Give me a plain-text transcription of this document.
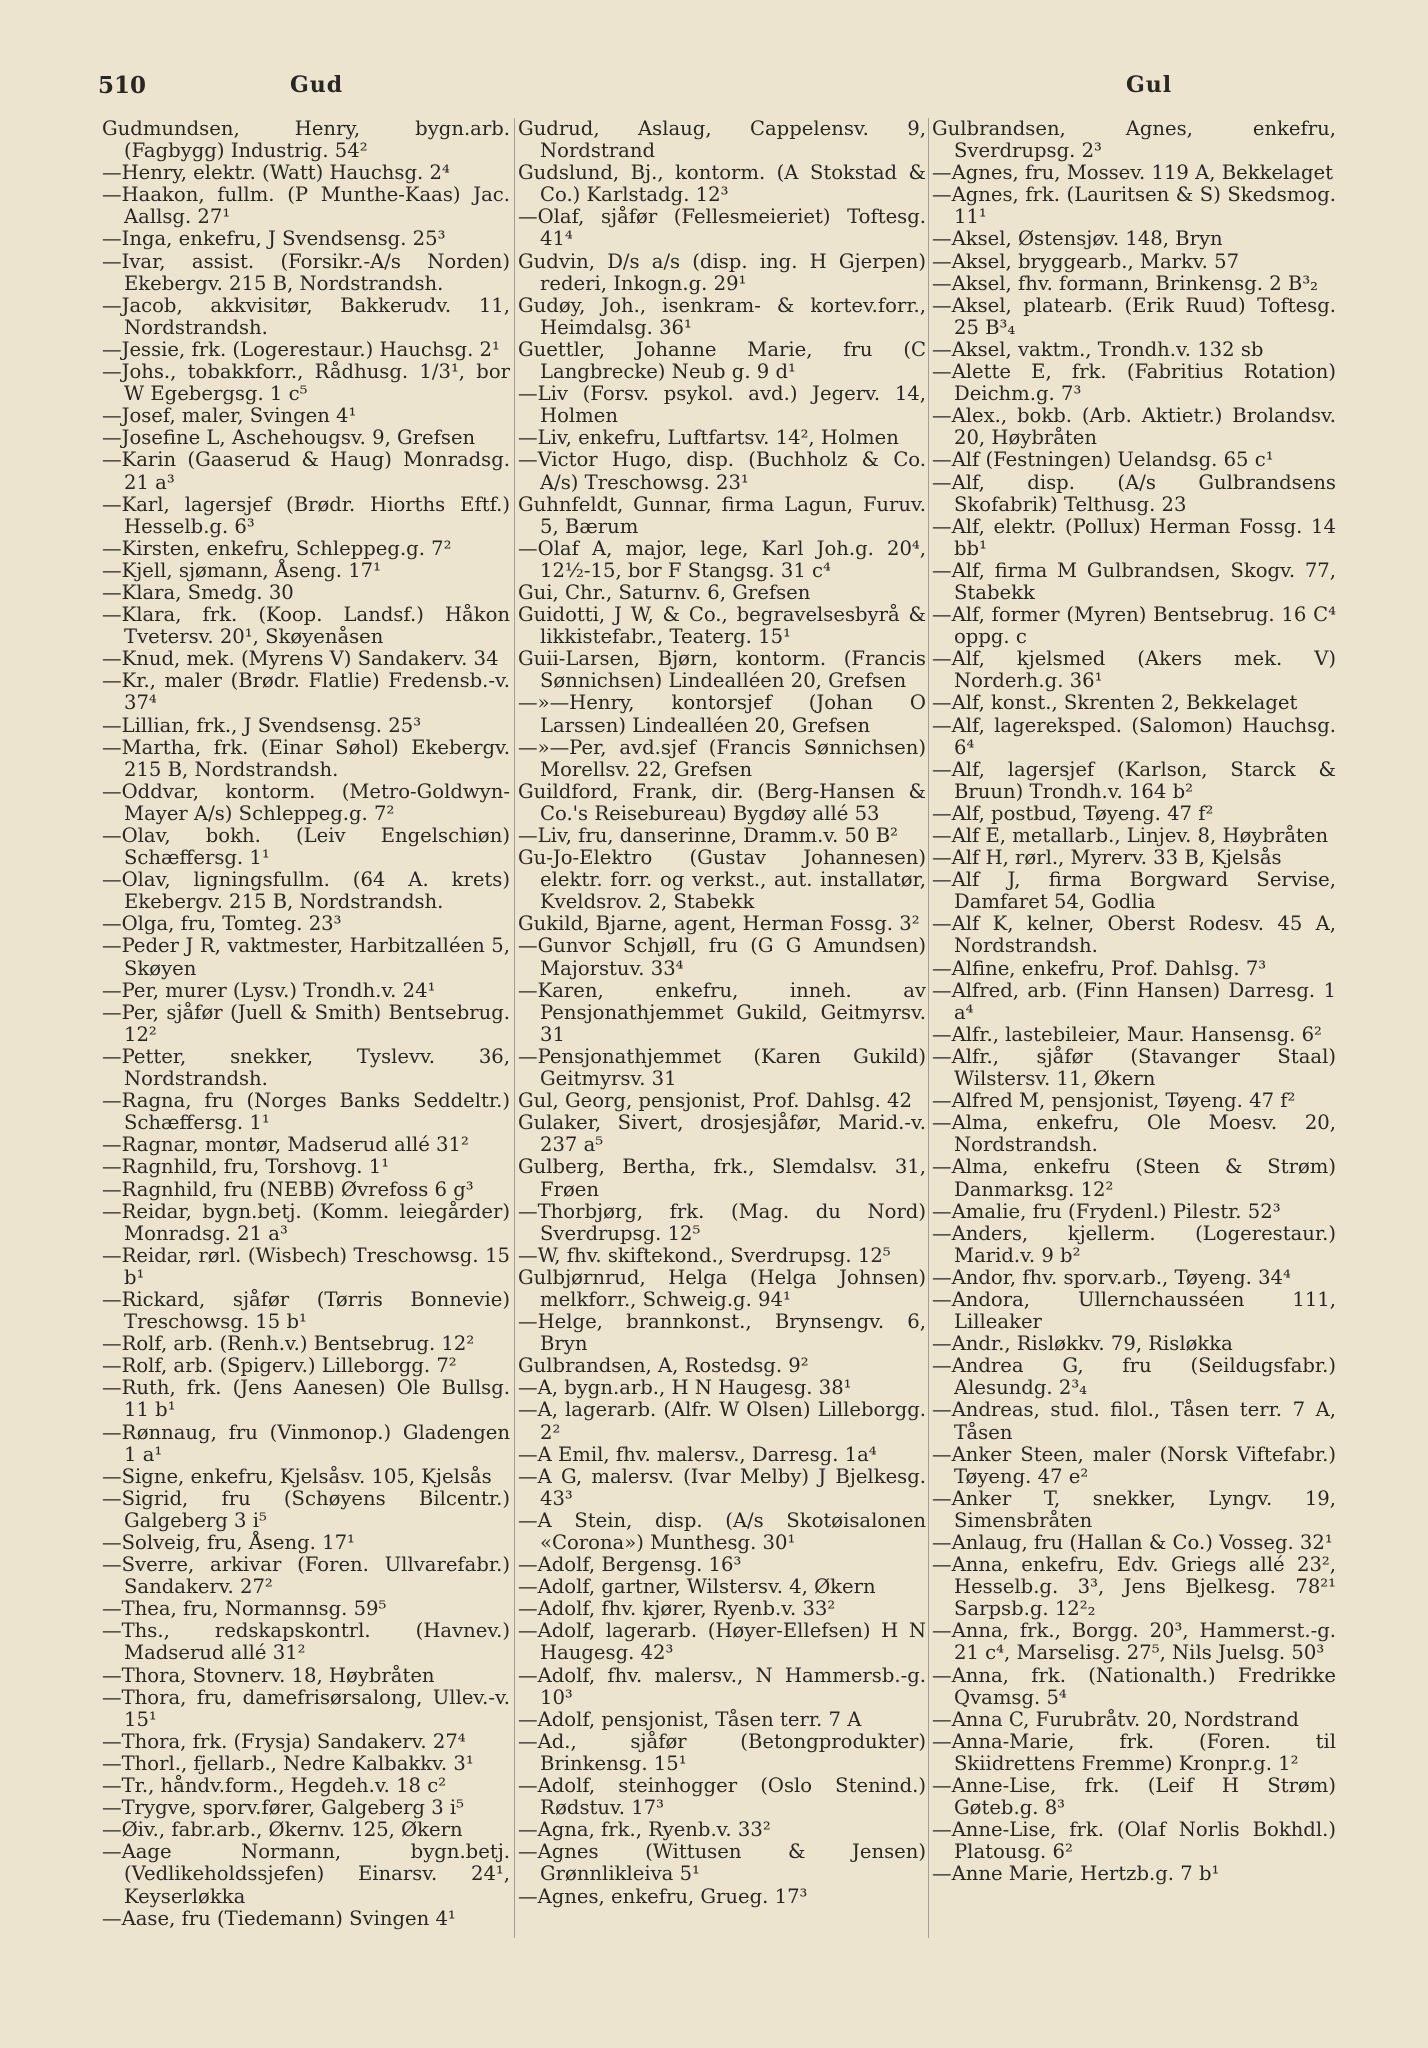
510	Gud	Gul

Gudmundsen, Henry, bygn.arb. (Fagbygg) Industrig. 54²

—Henry, elektr. (Watt) Hauchsg. 2⁴

—Haakon, fullm. (P Munthe-Kaas) Jac. Aallsg. 27¹

—Inga, enkefru, J Svendsensg. 25³

—Ivar, assist. (Forsikr.-A/s Norden) Ekebergv. 215 B, Nordstrandsh.

—Jacob, akkvisitør, Bakkerudv. 11, Nordstrandsh.

—Jessie, frk. (Logerestaur.) Hauchsg. 2¹

—Johs., tobakkforr., Rådhusg. 1/3¹, bor W Egebergsg. 1 c⁵

—Josef, maler, Svingen 4¹

—Josefine L, Aschehougsv. 9, Grefsen

—Karin (Gaaserud & Haug) Monradsg. 21 a³

—Karl, lagersjef (Brødr. Hiorths Eftf.) Hesselb.g. 6³

—Kirsten, enkefru, Schleppeg.g. 7²

—Kjell, sjømann, Åseng. 17¹

—Klara, Smedg. 30

—Klara, frk. (Koop. Landsf.) Håkon Tvetersv. 20¹, Skøyenåsen

—Knud, mek. (Myrens V) Sandakerv. 34

—Kr., maler (Brødr. Flatlie) Fredensb.-v. 37⁴

—Lillian, frk., J Svendsensg. 25³

—Martha, frk. (Einar Søhol) Ekebergv. 215 B, Nordstrandsh.

—Oddvar, kontorm. (Metro-Goldwyn-Mayer A/s) Schleppeg.g. 7²

—Olav, bokh. (Leiv Engelschiøn) Schæffersg. 1¹

—Olav, ligningsfullm. (64 A. krets) Ekebergv. 215 B, Nordstrandsh.

—Olga, fru, Tomteg. 23³

—Peder J R, vaktmester, Harbitzalléen 5, Skøyen

—Per, murer (Lysv.) Trondh.v. 24¹

—Per, sjåfør (Juell & Smith) Bentsebrug. 12²

—Petter, snekker, Tyslevv. 36, Nordstrandsh.

—Ragna, fru (Norges Banks Seddeltr.) Schæffersg. 1¹

—Ragnar, montør, Madserud allé 31²

—Ragnhild, fru, Torshovg. 1¹

—Ragnhild, fru (NEBB) Øvrefoss 6 g³

—Reidar, bygn.betj. (Komm. leiegårder) Monradsg. 21 a³

—Reidar, rørl. (Wisbech) Treschowsg. 15 b¹

—Rickard, sjåfør (Tørris Bonnevie) Treschowsg. 15 b¹

—Rolf, arb. (Renh.v.) Bentsebrug. 12²

—Rolf, arb. (Spigerv.) Lilleborgg. 7²

—Ruth, frk. (Jens Aanesen) Ole Bullsg. 11 b¹

—Rønnaug, fru (Vinmonop.) Gladengen 1 a¹

—Signe, enkefru, Kjelsåsv. 105, Kjelsås

—Sigrid, fru (Schøyens Bilcentr.) Galgeberg 3 i⁵

—Solveig, fru, Åseng. 17¹

—Sverre, arkivar (Foren. Ullvarefabr.) Sandakerv. 27²

—Thea, fru, Normannsg. 59⁵

—Ths., redskapskontrl. (Havnev.) Madserud allé 31²

—Thora, Stovnerv. 18, Høybråten

—Thora, fru, damefrisørsalong, Ullev.-v. 15¹

—Thora, frk. (Frysja) Sandakerv. 27⁴

—Thorl., fjellarb., Nedre Kalbakkv. 3¹

—Tr., håndv.form., Hegdeh.v. 18 c²

—Trygve, sporv.fører, Galgeberg 3 i⁵

—Øiv., fabr.arb., Økernv. 125, Økern

—Aage Normann, bygn.betj. (Vedlikeholdssjefen) Einarsv. 24¹, Keyserløkka

—Aase, fru (Tiedemann) Svingen 4¹

Gudrud, Aslaug, Cappelensv. 9, Nordstrand

Gudslund, Bj., kontorm. (A Stokstad & Co.) Karlstadg. 12³

—Olaf, sjåfør (Fellesmeieriet) Toftesg. 41⁴

Gudvin, D/s a/s (disp. ing. H Gjerpen) rederi, Inkogn.g. 29¹

Gudøy, Joh., isenkram- & kortev.forr., Heimdalsg. 36¹

Guettler, Johanne Marie, fru (C Langbrecke) Neub g. 9 d¹

—Liv (Forsv. psykol. avd.) Jegerv. 14, Holmen

—Liv, enkefru, Luftfartsv. 14², Holmen

—Victor Hugo, disp. (Buchholz & Co. A/s) Treschowsg. 23¹

Guhnfeldt, Gunnar, firma Lagun, Furuv. 5, Bærum

—Olaf A, major, lege, Karl Joh.g. 20⁴, 12½-15, bor F Stangsg. 31 c⁴

Gui, Chr., Saturnv. 6, Grefsen

Guidotti, J W, & Co., begravelsesbyrå & likkistefabr., Teaterg. 15¹

Guii-Larsen, Bjørn, kontorm. (Francis Sønnichsen) Lindealléen 20, Grefsen

—»—Henry, kontorsjef (Johan O Larssen) Lindealléen 20, Grefsen

—»—Per, avd.sjef (Francis Sønnichsen) Morellsv. 22, Grefsen

Guildford, Frank, dir. (Berg-Hansen & Co.'s Reisebureau) Bygdøy allé 53

—Liv, fru, danserinne, Dramm.v. 50 B²

Gu-Jo-Elektro (Gustav Johannesen) elektr. forr. og verkst., aut. installatør, Kveldsrov. 2, Stabekk

Gukild, Bjarne, agent, Herman Fossg. 3²

—Gunvor Schjøll, fru (G G Amundsen) Majorstuv. 33⁴

—Karen, enkefru, inneh. av Pensjonathjemmet Gukild, Geitmyrsv. 31

—Pensjonathjemmet (Karen Gukild) Geitmyrsv. 31

Gul, Georg, pensjonist, Prof. Dahlsg. 42

Gulaker, Sivert, drosjesjåfør, Marid.-v. 237 a⁵

Gulberg, Bertha, frk., Slemdalsv. 31, Frøen

—Thorbjørg, frk. (Mag. du Nord) Sverdrupsg. 12⁵

—W, fhv. skiftekond., Sverdrupsg. 12⁵

Gulbjørnrud, Helga (Helga Johnsen) melkforr., Schweig.g. 94¹

—Helge, brannkonst., Brynsengv. 6, Bryn

Gulbrandsen, A, Rostedsg. 9²

—A, bygn.arb., H N Haugesg. 38¹

—A, lagerarb. (Alfr. W Olsen) Lilleborgg. 2²

—A Emil, fhv. malersv., Darresg. 1a⁴

—A G, malersv. (Ivar Melby) J Bjelkesg. 43³

—A Stein, disp. (A/s Skotøisalonen «Corona») Munthesg. 30¹

—Adolf, Bergensg. 16³

—Adolf, gartner, Wilstersv. 4, Økern

—Adolf, fhv. kjører, Ryenb.v. 33²

—Adolf, lagerarb. (Høyer-Ellefsen) H N Haugesg. 42³

—Adolf, fhv. malersv., N Hammersb.-g. 10³

—Adolf, pensjonist, Tåsen terr. 7 A

—Ad., sjåfør (Betongprodukter) Brinkensg. 15¹

—Adolf, steinhogger (Oslo Stenind.) Rødstuv. 17³

—Agna, frk., Ryenb.v. 33²

—Agnes (Wittusen & Jensen) Grønnlikleiva 5¹

—Agnes, enkefru, Grueg. 17³

Gulbrandsen, Agnes, enkefru, Sverdrupsg. 2³

—Agnes, fru, Mossev. 119 A, Bekkelaget

—Agnes, frk. (Lauritsen & S) Skedsmog. 11¹

—Aksel, Østensjøv. 148, Bryn

—Aksel, bryggearb., Markv. 57

—Aksel, fhv. formann, Brinkensg. 2 B³₂

—Aksel, platearb. (Erik Ruud) Toftesg. 25 B³₄

—Aksel, vaktm., Trondh.v. 132 sb

—Alette E, frk. (Fabritius Rotation) Deichm.g. 7³

—Alex., bokb. (Arb. Aktietr.) Brolandsv. 20, Høybråten

—Alf (Festningen) Uelandsg. 65 c¹

—Alf, disp. (A/s Gulbrandsens Skofabrik) Telthusg. 23

—Alf, elektr. (Pollux) Herman Fossg. 14 bb¹

—Alf, firma M Gulbrandsen, Skogv. 77, Stabekk

—Alf, former (Myren) Bentsebrug. 16 C⁴ oppg. c

—Alf, kjelsmed (Akers mek. V) Norderh.g. 36¹

—Alf, konst., Skrenten 2, Bekkelaget

—Alf, lagereksped. (Salomon) Hauchsg. 6⁴

—Alf, lagersjef (Karlson, Starck & Bruun) Trondh.v. 164 b²

—Alf, postbud, Tøyeng. 47 f²

—Alf E, metallarb., Linjev. 8, Høybråten

—Alf H, rørl., Myrerv. 33 B, Kjelsås

—Alf J, firma Borgward Servise, Damfaret 54, Godlia

—Alf K, kelner, Oberst Rodesv. 45 A, Nordstrandsh.

—Alfine, enkefru, Prof. Dahlsg. 7³

—Alfred, arb. (Finn Hansen) Darresg. 1 a⁴

—Alfr., lastebileier, Maur. Hansensg. 6²

—Alfr., sjåfør (Stavanger Staal) Wilstersv. 11, Økern

—Alfred M, pensjonist, Tøyeng. 47 f²

—Alma, enkefru, Ole Moesv. 20, Nordstrandsh.

—Alma, enkefru (Steen & Strøm) Danmarksg. 12²

—Amalie, fru (Frydenl.) Pilestr. 52³

—Anders, kjellerm. (Logerestaur.) Marid.v. 9 b²

—Andor, fhv. sporv.arb., Tøyeng. 34⁴

—Andora, Ullernchausséen 111, Lilleaker

—Andr., Risløkkv. 79, Risløkka

—Andrea G, fru (Seildugsfabr.) Alesundg. 2³₄

—Andreas, stud. filol., Tåsen terr. 7 A, Tåsen

—Anker Steen, maler (Norsk Viftefabr.) Tøyeng. 47 e²

—Anker T, snekker, Lyngv. 19, Simensbråten

—Anlaug, fru (Hallan & Co.) Vosseg. 32¹

—Anna, enkefru, Edv. Griegs allé 23², Hesselb.g. 3³, Jens Bjelkesg. 78²¹ Sarpsb.g. 12²₂

—Anna, frk., Borgg. 20³, Hammerst.-g. 21 c⁴, Marselisg. 27⁵, Nils Juelsg. 50³

—Anna, frk. (Nationalth.) Fredrikke Qvamsg. 5⁴

—Anna C, Furubråtv. 20, Nordstrand

—Anna-Marie, frk. (Foren. til Skiidrettens Fremme) Kronpr.g. 1²

—Anne-Lise, frk. (Leif H Strøm) Gøteb.g. 8³

—Anne-Lise, frk. (Olaf Norlis Bokhdl.) Platousg. 6²

—Anne Marie, Hertzb.g. 7 b¹
